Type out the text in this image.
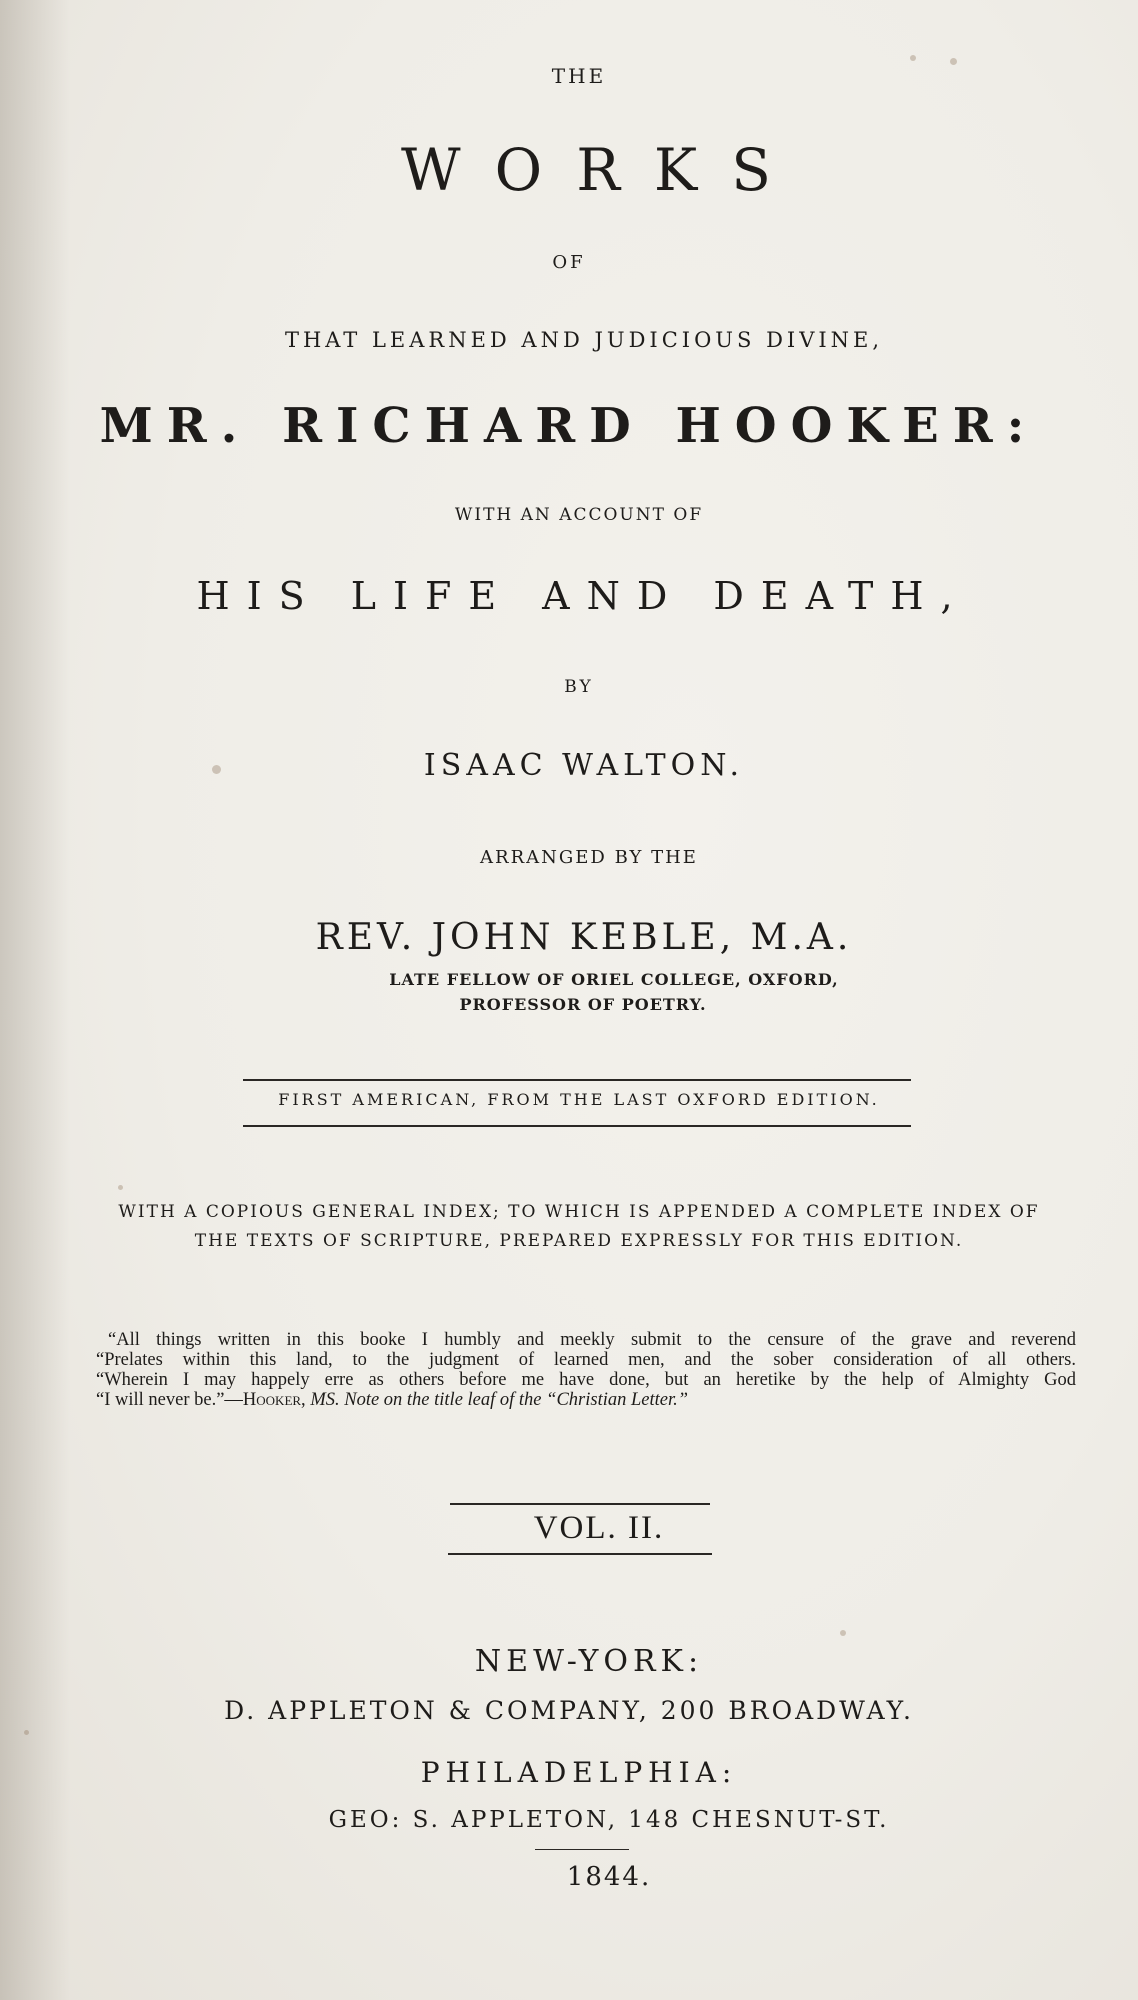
THE
WORKS
OF
THAT LEARNED AND JUDICIOUS DIVINE,
MR. RICHARD HOOKER:
WITH AN ACCOUNT OF
HIS LIFE AND DEATH,
BY
ISAAC WALTON.
ARRANGED BY THE
REV. JOHN KEBLE, M.A.
LATE FELLOW OF ORIEL COLLEGE, OXFORD,
PROFESSOR OF POETRY.
FIRST AMERICAN, FROM THE LAST OXFORD EDITION.
WITH A COPIOUS GENERAL INDEX; TO WHICH IS APPENDED A COMPLETE INDEX OF
THE TEXTS OF SCRIPTURE, PREPARED EXPRESSLY FOR THIS EDITION.
“All things written in this booke I humbly and meekly submit to the censure of the grave and reverend
“Prelates within this land, to the judgment of learned men, and the sober consideration of all others.
“Wherein I may happely erre as others before me have done, but an heretike by the help of Almighty God
“I will never be.”—Hooker, MS. Note on the title leaf of the “Christian Letter.”
VOL. II.
NEW-YORK:
D. APPLETON & COMPANY, 200 BROADWAY.
PHILADELPHIA:
GEO: S. APPLETON, 148 CHESNUT-ST.
1844.
